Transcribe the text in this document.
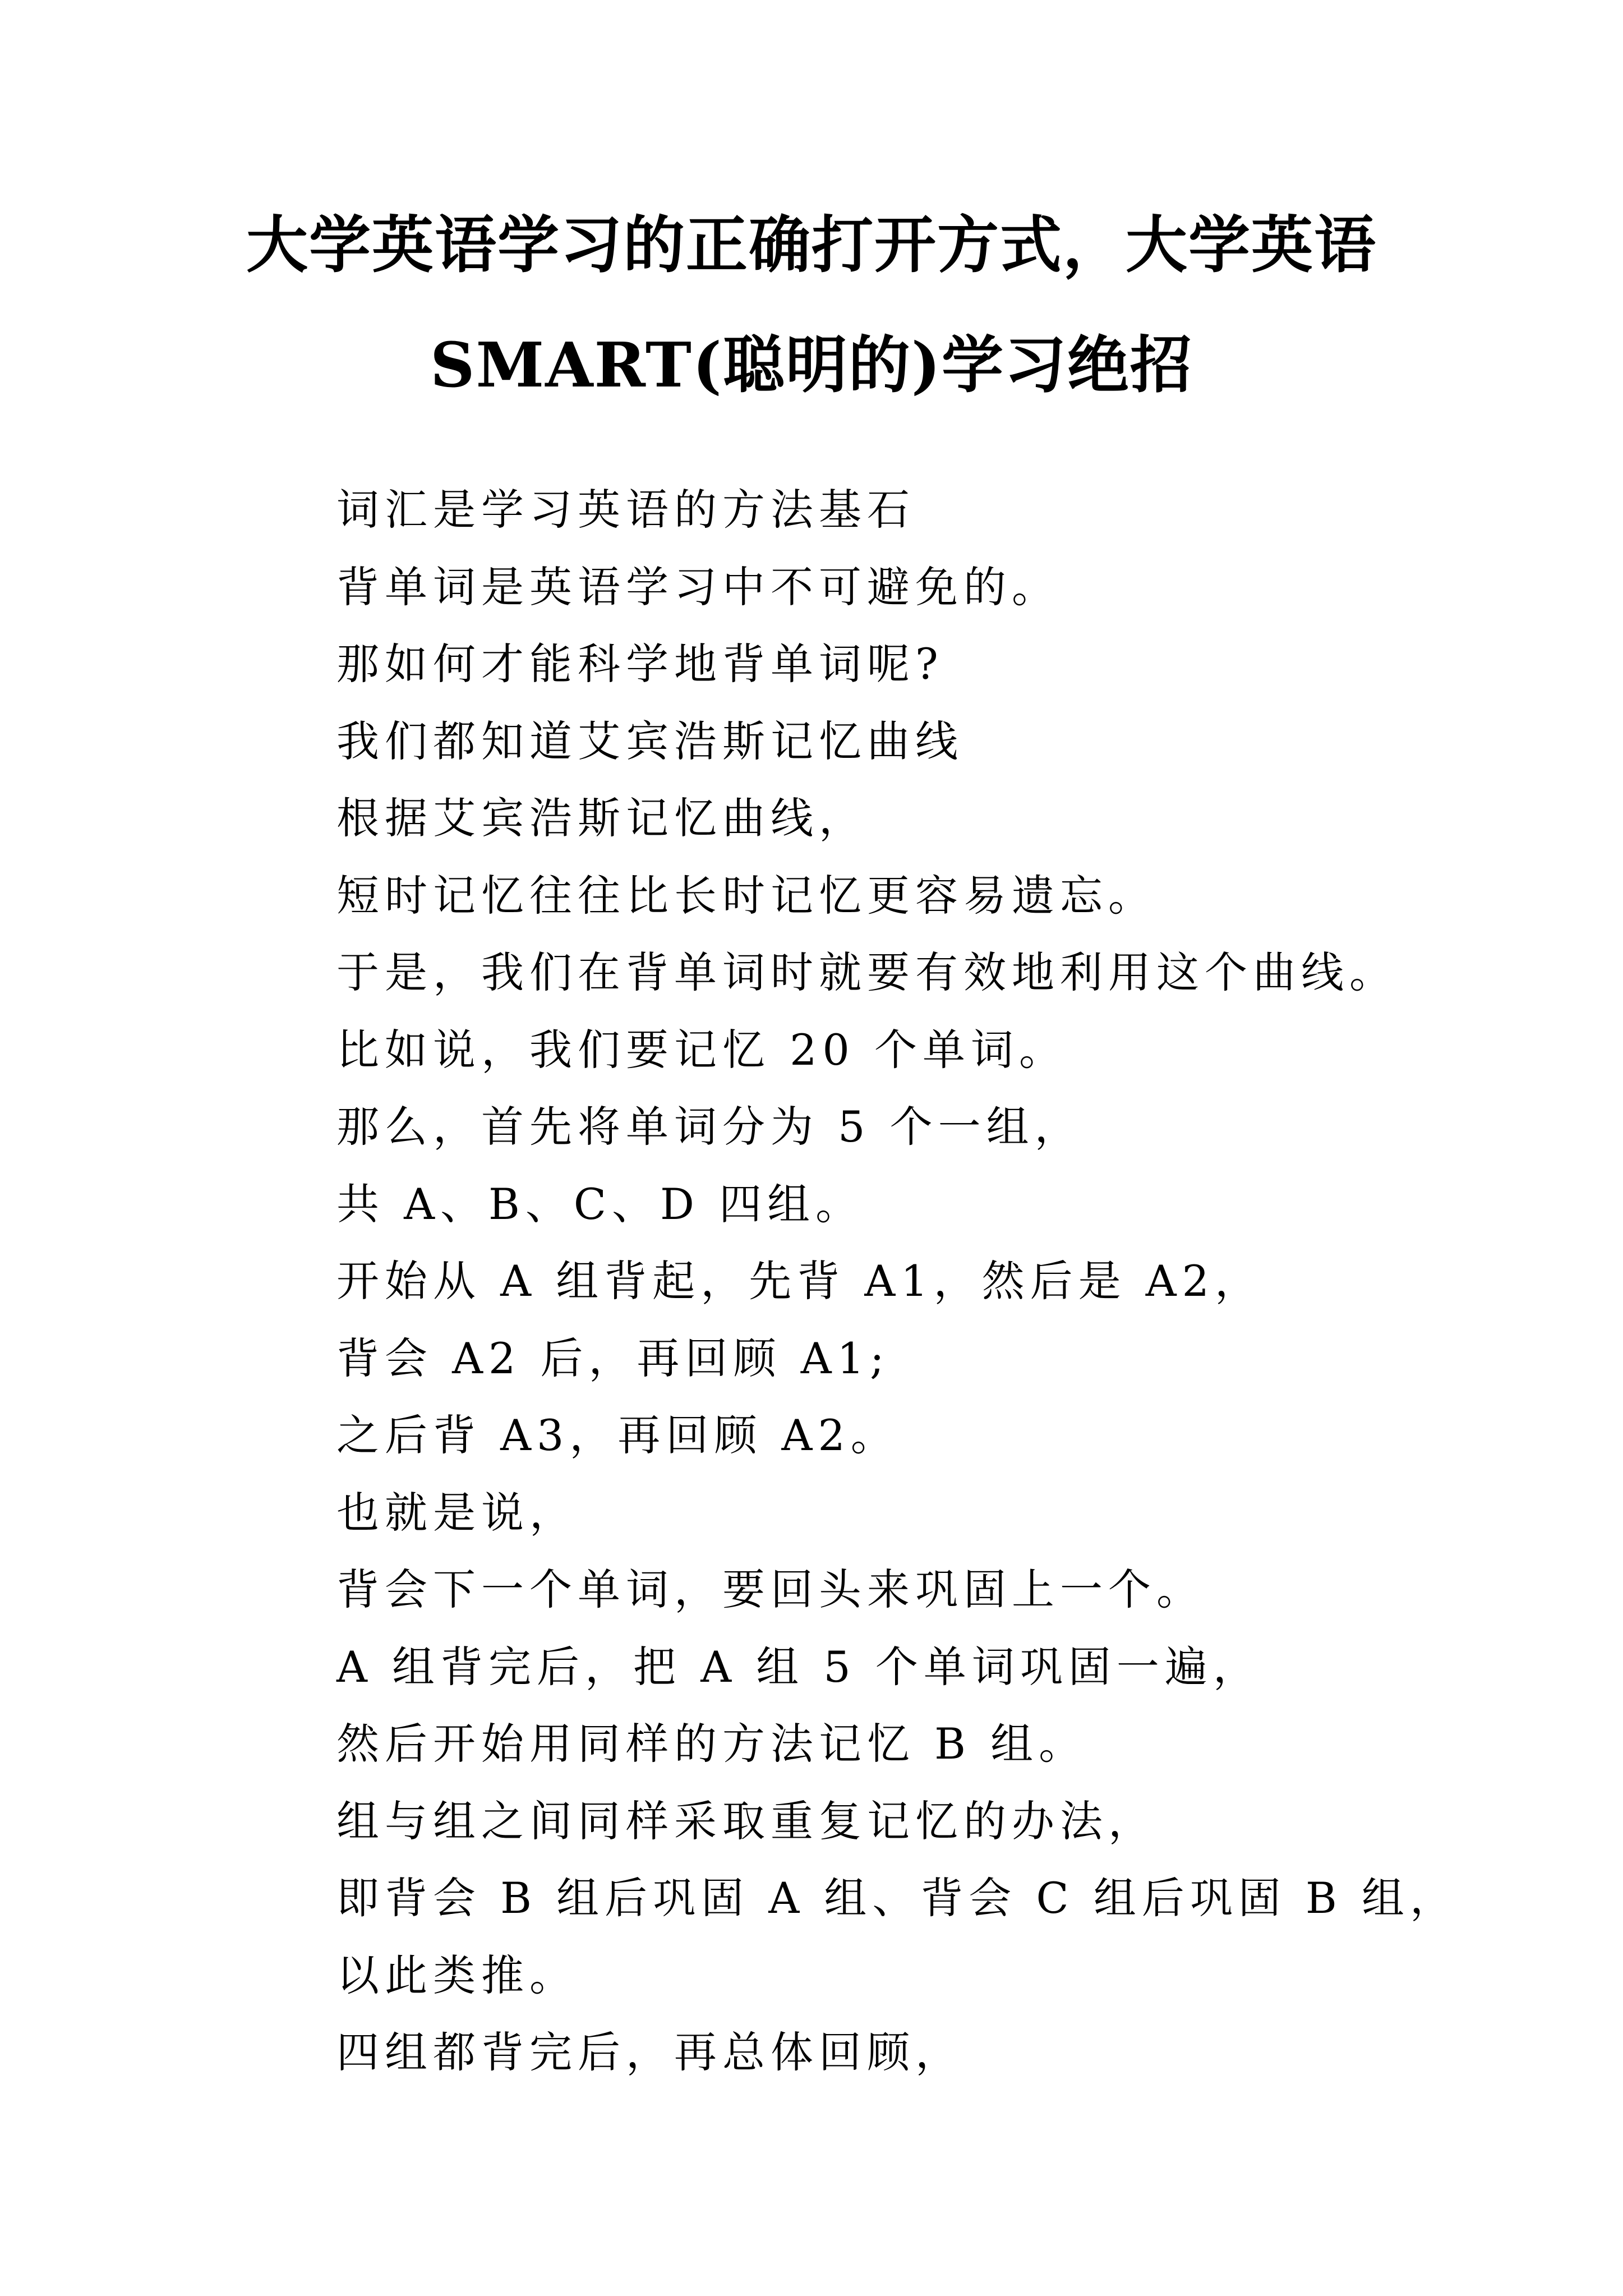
大学英语学习的正确打开方式，大学英语
SMART(聪明的)学习绝招

词汇是学习英语的方法基石

背单词是英语学习中不可避免的。

那如何才能科学地背单词呢?

我们都知道艾宾浩斯记忆曲线

根据艾宾浩斯记忆曲线，

短时记忆往往比长时记忆更容易遗忘。

于是，我们在背单词时就要有效地利用这个曲线。

比如说，我们要记忆 20 个单词。

那么，首先将单词分为 5 个一组，

共 A、B、C、D 四组。

开始从 A 组背起，先背 A1，然后是 A2，

背会 A2 后，再回顾 A1;

之后背 A3，再回顾 A2。

也就是说，

背会下一个单词，要回头来巩固上一个。

A 组背完后，把 A 组 5 个单词巩固一遍，

然后开始用同样的方法记忆 B 组。

组与组之间同样采取重复记忆的办法，

即背会 B 组后巩固 A 组、背会 C 组后巩固 B 组，

以此类推。

四组都背完后，再总体回顾，
